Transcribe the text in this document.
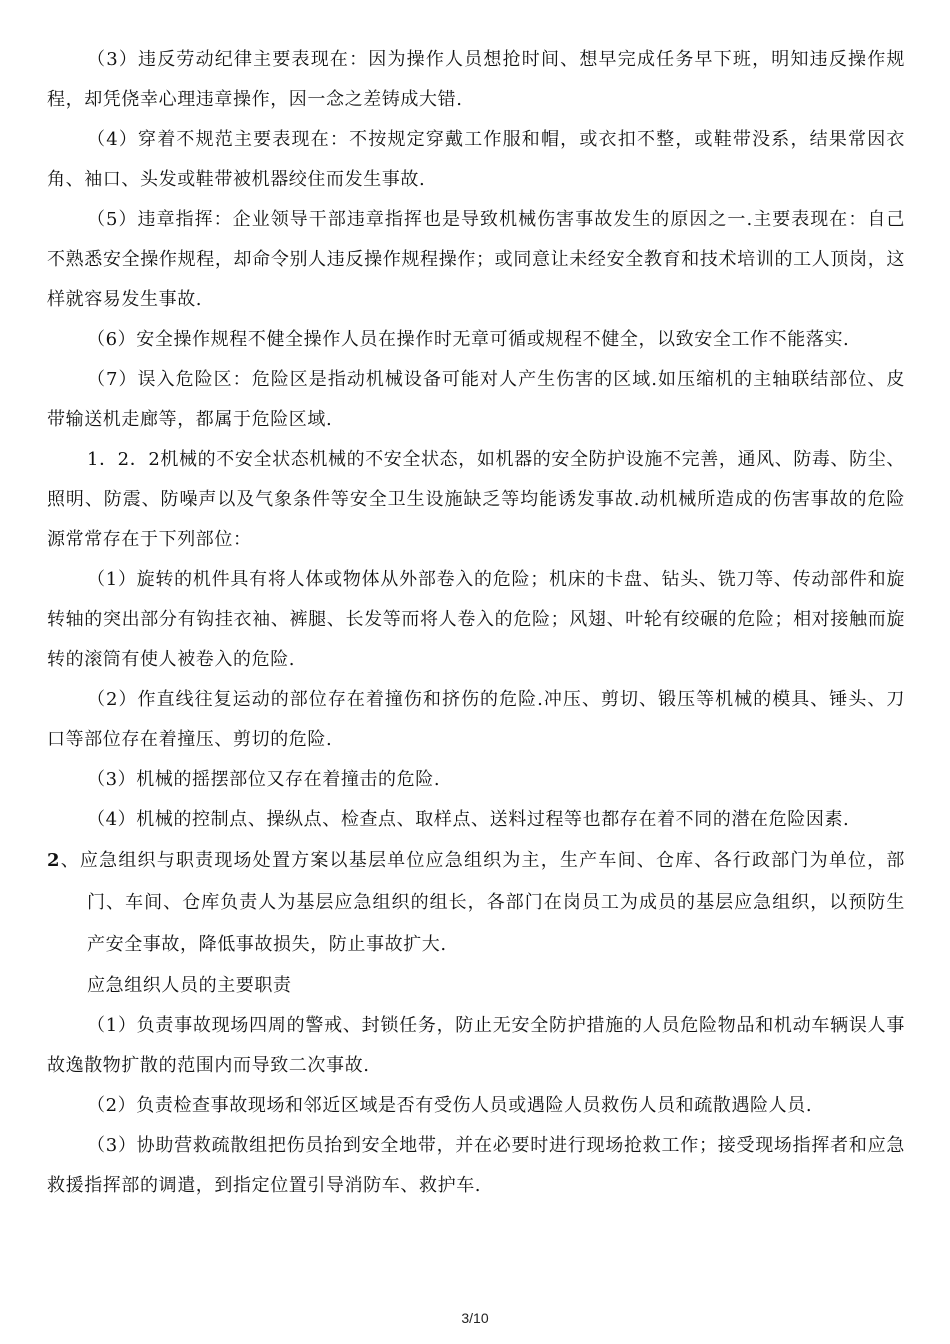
（3）违反劳动纪律主要表现在：因为操作人员想抢时间、想早完成任务早下班，明知违反操作规程，却凭侥幸心理违章操作，因一念之差铸成大错.

（4）穿着不规范主要表现在：不按规定穿戴工作服和帽，或衣扣不整，或鞋带没系，结果常因衣角、袖口、头发或鞋带被机器绞住而发生事故.

（5）违章指挥：企业领导干部违章指挥也是导致机械伤害事故发生的原因之一.主要表现在：自己不熟悉安全操作规程，却命令别人违反操作规程操作；或同意让未经安全教育和技术培训的工人顶岗，这样就容易发生事故.

（6）安全操作规程不健全操作人员在操作时无章可循或规程不健全，以致安全工作不能落实.

（7）误入危险区：危险区是指动机械设备可能对人产生伤害的区域.如压缩机的主轴联结部位、皮带输送机走廊等，都属于危险区域.

1．2．2机械的不安全状态机械的不安全状态，如机器的安全防护设施不完善，通风、防毒、防尘、照明、防震、防噪声以及气象条件等安全卫生设施缺乏等均能诱发事故.动机械所造成的伤害事故的危险源常常存在于下列部位：

（1）旋转的机件具有将人体或物体从外部卷入的危险；机床的卡盘、钻头、铣刀等、传动部件和旋转轴的突出部分有钩挂衣袖、裤腿、长发等而将人卷入的危险；风翅、叶轮有绞碾的危险；相对接触而旋转的滚筒有使人被卷入的危险.

（2）作直线往复运动的部位存在着撞伤和挤伤的危险.冲压、剪切、锻压等机械的模具、锤头、刀口等部位存在着撞压、剪切的危险.

（3）机械的摇摆部位又存在着撞击的危险.

（4）机械的控制点、操纵点、检查点、取样点、送料过程等也都存在着不同的潜在危险因素.

2、应急组织与职责现场处置方案以基层单位应急组织为主，生产车间、仓库、各行政部门为单位，部门、车间、仓库负责人为基层应急组织的组长，各部门在岗员工为成员的基层应急组织，以预防生产安全事故，降低事故损失，防止事故扩大.

应急组织人员的主要职责

（1）负责事故现场四周的警戒、封锁任务，防止无安全防护措施的人员危险物品和机动车辆误人事故逸散物扩散的范围内而导致二次事故.

（2）负责检查事故现场和邻近区域是否有受伤人员或遇险人员救伤人员和疏散遇险人员.

（3）协助营救疏散组把伤员抬到安全地带，并在必要时进行现场抢救工作；接受现场指挥者和应急救援指挥部的调遣，到指定位置引导消防车、救护车.

3/10
